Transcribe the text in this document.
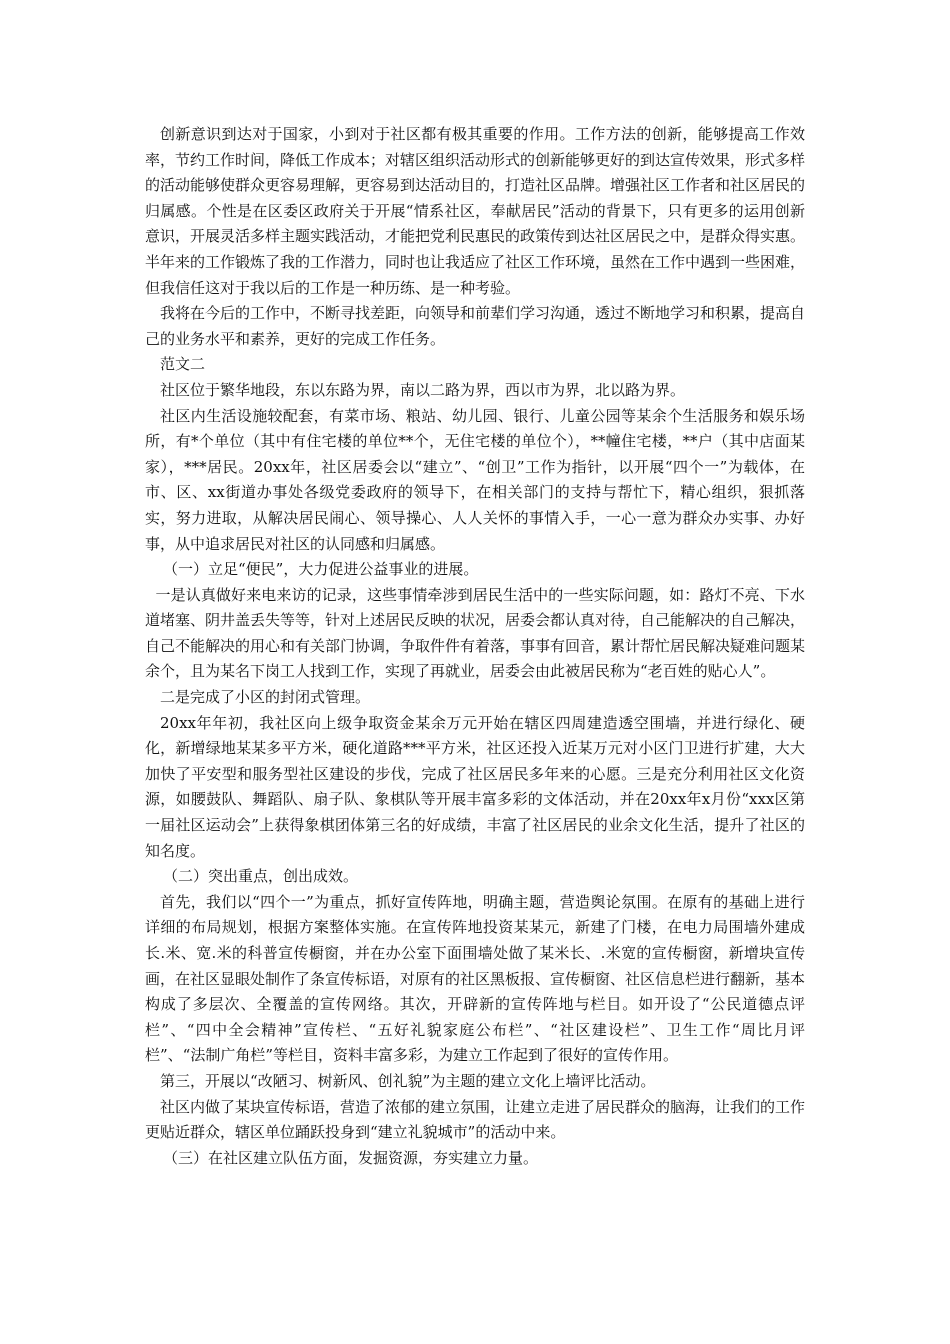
创新意识到达对于国家，小到对于社区都有极其重要的作用。工作方法的创新，能够提高工作效率，节约工作时间，降低工作成本；对辖区组织活动形式的创新能够更好的到达宣传效果，形式多样的活动能够使群众更容易理解，更容易到达活动目的，打造社区品牌。增强社区工作者和社区居民的归属感。个性是在区委区政府关于开展“情系社区，奉献居民”活动的背景下，只有更多的运用创新意识，开展灵活多样主题实践活动，才能把党利民惠民的政策传到达社区居民之中，是群众得实惠。半年来的工作锻炼了我的工作潜力，同时也让我适应了社区工作环境，虽然在工作中遇到一些困难，但我信任这对于我以后的工作是一种历练、是一种考验。

我将在今后的工作中，不断寻找差距，向领导和前辈们学习沟通，透过不断地学习和积累，提高自己的业务水平和素养，更好的完成工作任务。

范文二

社区位于繁华地段，东以东路为界，南以二路为界，西以市为界，北以路为界。

社区内生活设施较配套，有菜市场、粮站、幼儿园、银行、儿童公园等某余个生活服务和娱乐场所，有*个单位（其中有住宅楼的单位**个，无住宅楼的单位个），**幢住宅楼，**户（其中店面某家），***居民。20xx年，社区居委会以“建立”、“创卫”工作为指针，以开展“四个一”为载体，在市、区、xx街道办事处各级党委政府的领导下，在相关部门的支持与帮忙下，精心组织，狠抓落实，努力进取，从解决居民闹心、领导操心、人人关怀的事情入手，一心一意为群众办实事、办好事，从中追求居民对社区的认同感和归属感。

（一）立足“便民”，大力促进公益事业的进展。

一是认真做好来电来访的记录，这些事情牵涉到居民生活中的一些实际问题，如：路灯不亮、下水道堵塞、阴井盖丢失等等，针对上述居民反映的状况，居委会都认真对待，自己能解决的自己解决，自己不能解决的用心和有关部门协调，争取件件有着落，事事有回音，累计帮忙居民解决疑难问题某余个，且为某名下岗工人找到工作，实现了再就业，居委会由此被居民称为“老百姓的贴心人”。

二是完成了小区的封闭式管理。

20xx年年初，我社区向上级争取资金某余万元开始在辖区四周建造透空围墙，并进行绿化、硬化，新增绿地某某多平方米，硬化道路***平方米，社区还投入近某万元对小区门卫进行扩建，大大加快了平安型和服务型社区建设的步伐，完成了社区居民多年来的心愿。三是充分利用社区文化资源，如腰鼓队、舞蹈队、扇子队、象棋队等开展丰富多彩的文体活动，并在20xx年x月份“xxx区第一届社区运动会”上获得象棋团体第三名的好成绩，丰富了社区居民的业余文化生活，提升了社区的知名度。

（二）突出重点，创出成效。

首先，我们以“四个一”为重点，抓好宣传阵地，明确主题，营造舆论氛围。在原有的基础上进行详细的布局规划，根据方案整体实施。在宣传阵地投资某某元，新建了门楼，在电力局围墙外建成长.米、宽.米的科普宣传橱窗，并在办公室下面围墙处做了某米长、.米宽的宣传橱窗，新增块宣传画，在社区显眼处制作了条宣传标语，对原有的社区黑板报、宣传橱窗、社区信息栏进行翻新，基本构成了多层次、全覆盖的宣传网络。其次，开辟新的宣传阵地与栏目。如开设了“公民道德点评栏”、“四中全会精神”宣传栏、“五好礼貌家庭公布栏”、“社区建设栏”、卫生工作“周比月评栏”、“法制广角栏”等栏目，资料丰富多彩，为建立工作起到了很好的宣传作用。

第三，开展以“改陋习、树新风、创礼貌”为主题的建立文化上墙评比活动。

社区内做了某块宣传标语，营造了浓郁的建立氛围，让建立走进了居民群众的脑海，让我们的工作更贴近群众，辖区单位踊跃投身到“建立礼貌城市”的活动中来。

（三）在社区建立队伍方面，发掘资源，夯实建立力量。
